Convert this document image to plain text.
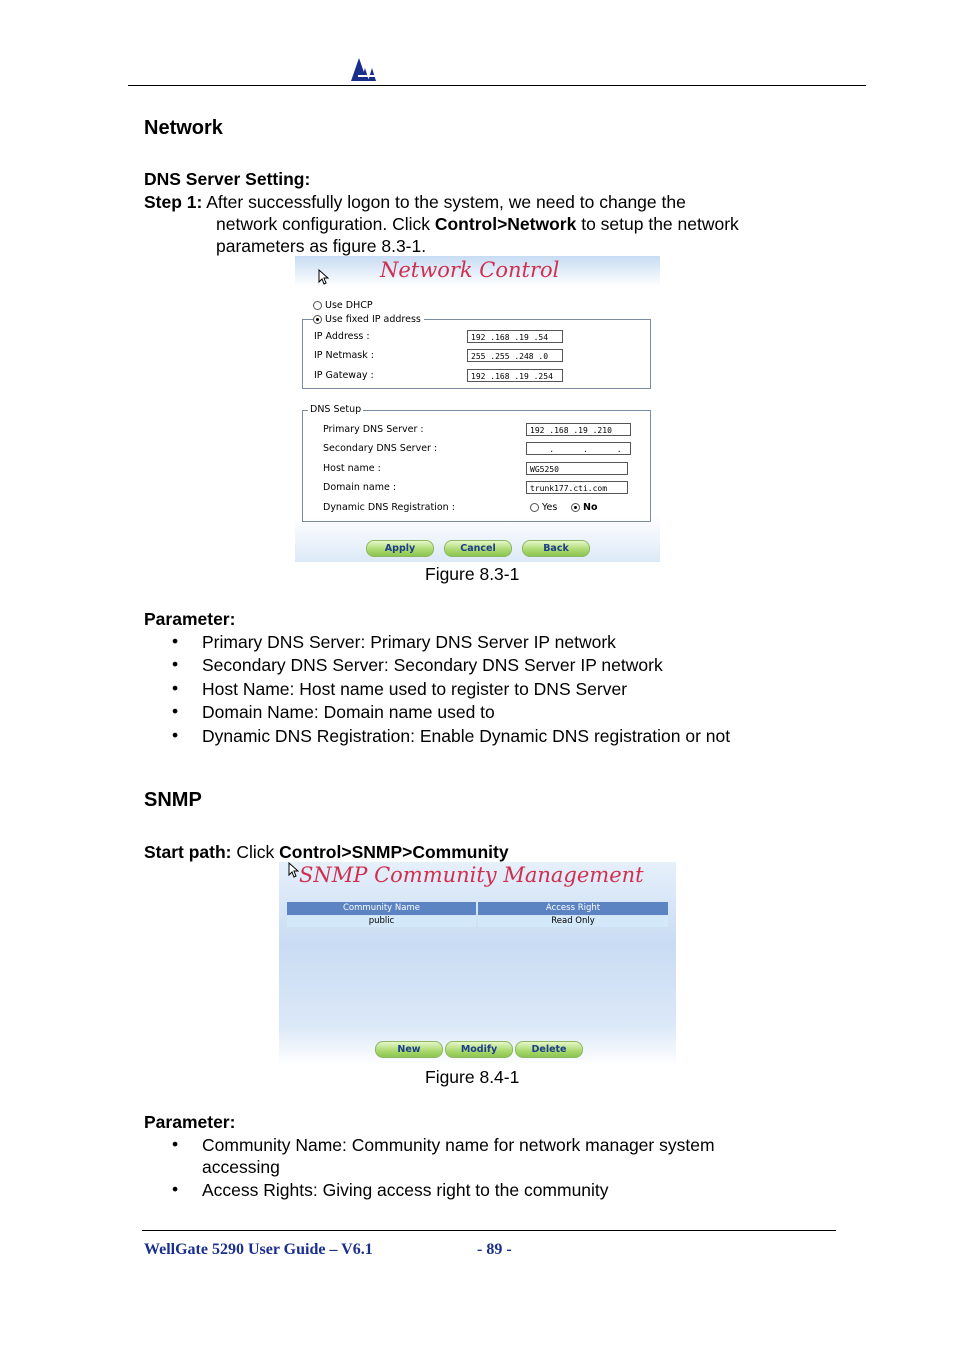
Network
DNS Server Setting:
Step 1: After successfully logon to the system, we need to change the
network configuration. Click Control>Network to setup the network
parameters as figure 8.3-1.
Network Control
Use DHCP
Use fixed IP address
IP Address :	192 .168 .19 .54
IP Netmask :	255 .255 .248 .0
IP Gateway :	192 .168 .19 .254
DNS Setup
Primary DNS Server :	192 .168 .19 .210
Secondary DNS Server :	.      .      .
Host name :	WG5250
Domain name :	trunk177.cti.com
Dynamic DNS Registration :	Yes	No
Apply	Cancel	Back
Figure 8.3-1
Parameter:
• Primary DNS Server: Primary DNS Server IP network
• Secondary DNS Server: Secondary DNS Server IP network
• Host Name: Host name used to register to DNS Server
• Domain Name: Domain name used to
• Dynamic DNS Registration: Enable Dynamic DNS registration or not
SNMP
Start path: Click Control>SNMP>Community
SNMP Community Management
Community Name	Access Right
public	Read Only
New	Modify	Delete
Figure 8.4-1
Parameter:
• Community Name: Community name for network manager system
accessing
• Access Rights: Giving access right to the community
WellGate 5290 User Guide – V6.1	- 89 -
